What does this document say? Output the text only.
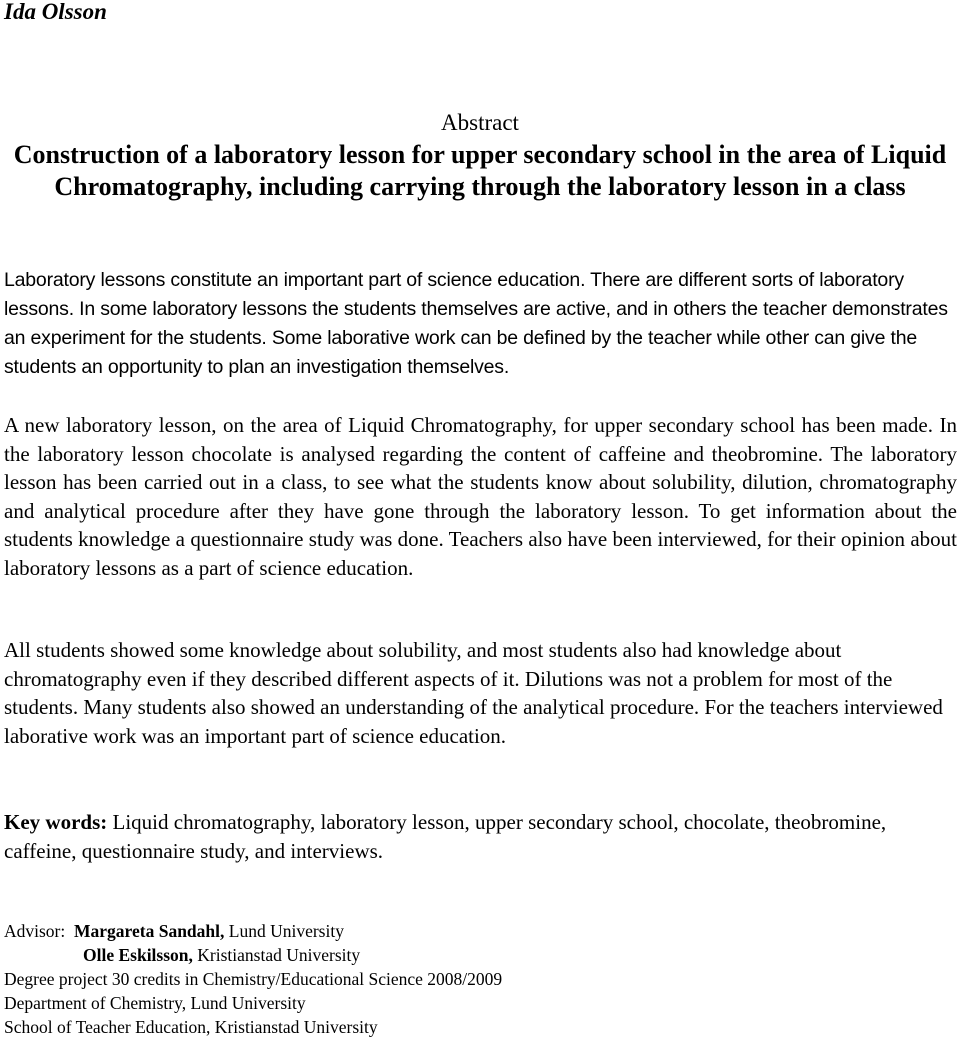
Ida Olsson
Abstract
Construction of a laboratory lesson for upper secondary school in the area of Liquid Chromatography, including carrying through the laboratory lesson in a class

Laboratory lessons constitute an important part of science education. There are different sorts of laboratory lessons. In some laboratory lessons the students themselves are active, and in others the teacher demonstrates an experiment for the students. Some laborative work can be defined by the teacher while other can give the students an opportunity to plan an investigation themselves.

A new laboratory lesson, on the area of Liquid Chromatography, for upper secondary school has been made. In the laboratory lesson chocolate is analysed regarding the content of caffeine and theobromine. The laboratory lesson has been carried out in a class, to see what the students know about solubility, dilution, chromatography and analytical procedure after they have gone through the laboratory lesson. To get information about the students knowledge a questionnaire study was done. Teachers also have been interviewed, for their opinion about laboratory lessons as a part of science education.

All students showed some knowledge about solubility, and most students also had knowledge about chromatography even if they described different aspects of it. Dilutions was not a problem for most of the students. Many students also showed an understanding of the analytical procedure. For the teachers interviewed laborative work was an important part of science education.

Key words: Liquid chromatography, laboratory lesson, upper secondary school, chocolate, theobromine, caffeine, questionnaire study, and interviews.

Advisor: Margareta Sandahl, Lund University
Olle Eskilsson, Kristianstad University
Degree project 30 credits in Chemistry/Educational Science 2008/2009
Department of Chemistry, Lund University
School of Teacher Education, Kristianstad University
